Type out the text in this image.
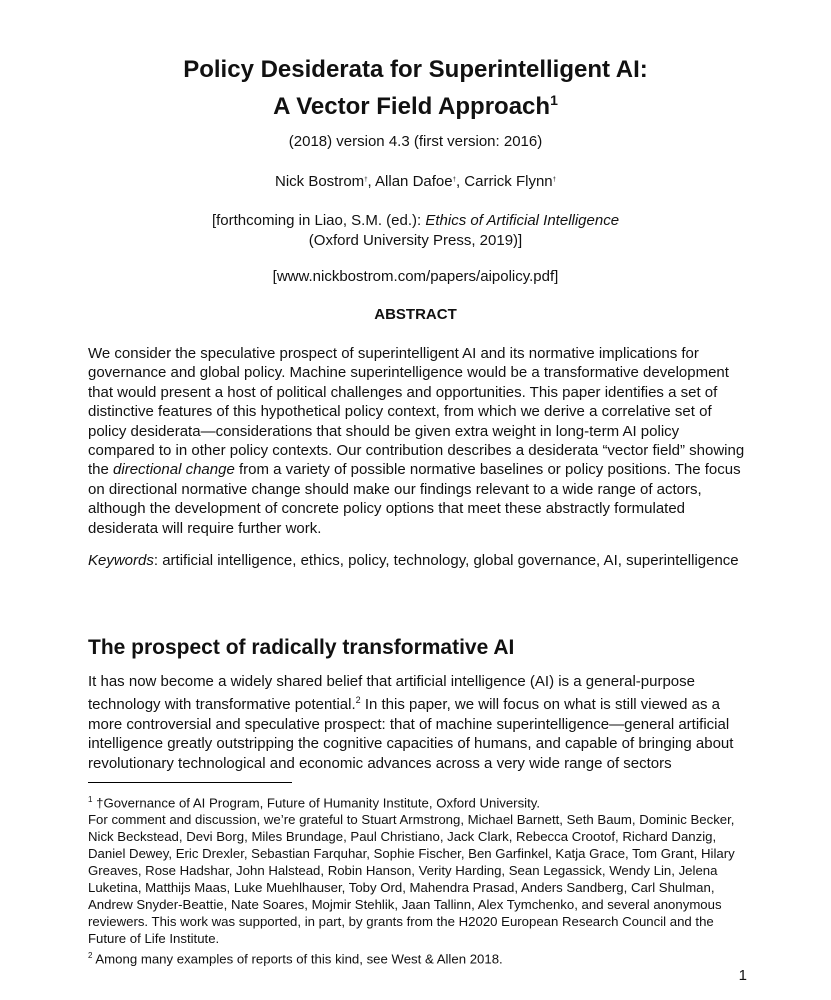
Policy Desiderata for Superintelligent AI:
A Vector Field Approach$^1$
(2018) version 4.3 (first version: 2016)
Nick Bostrom†, Allan Dafoe†, Carrick Flynn†
[forthcoming in Liao, S.M. (ed.): Ethics of Artificial Intelligence
(Oxford University Press, 2019)]
[www.nickbostrom.com/papers/aipolicy.pdf]
ABSTRACT
We consider the speculative prospect of superintelligent AI and its normative implications for governance and global policy. Machine superintelligence would be a transformative development that would present a host of political challenges and opportunities. This paper identifies a set of distinctive features of this hypothetical policy context, from which we derive a correlative set of policy desiderata—considerations that should be given extra weight in long-term AI policy compared to in other policy contexts. Our contribution describes a desiderata “vector field” showing the directional change from a variety of possible normative baselines or policy positions. The focus on directional normative change should make our findings relevant to a wide range of actors, although the development of concrete policy options that meet these abstractly formulated desiderata will require further work.
Keywords: artificial intelligence, ethics, policy, technology, global governance, AI, superintelligence
The prospect of radically transformative AI
It has now become a widely shared belief that artificial intelligence (AI) is a general-purpose technology with transformative potential.$^2$ In this paper, we will focus on what is still viewed as a more controversial and speculative prospect: that of machine superintelligence—general artificial intelligence greatly outstripping the cognitive capacities of humans, and capable of bringing about revolutionary technological and economic advances across a very wide range of sectors

$^1$ †Governance of AI Program, Future of Humanity Institute, Oxford University.

For comment and discussion, we’re grateful to Stuart Armstrong, Michael Barnett, Seth Baum, Dominic Becker, Nick Beckstead, Devi Borg, Miles Brundage, Paul Christiano, Jack Clark, Rebecca Crootof, Richard Danzig, Daniel Dewey, Eric Drexler, Sebastian Farquhar, Sophie Fischer, Ben Garfinkel, Katja Grace, Tom Grant, Hilary Greaves, Rose Hadshar, John Halstead, Robin Hanson, Verity Harding, Sean Legassick, Wendy Lin, Jelena Luketina, Matthijs Maas, Luke Muehlhauser, Toby Ord, Mahendra Prasad, Anders Sandberg, Carl Shulman, Andrew Snyder-Beattie, Nate Soares, Mojmir Stehlik, Jaan Tallinn, Alex Tymchenko, and several anonymous reviewers. This work was supported, in part, by grants from the H2020 European Research Council and the Future of Life Institute.

$^2$ Among many examples of reports of this kind, see West & Allen 2018.

1
